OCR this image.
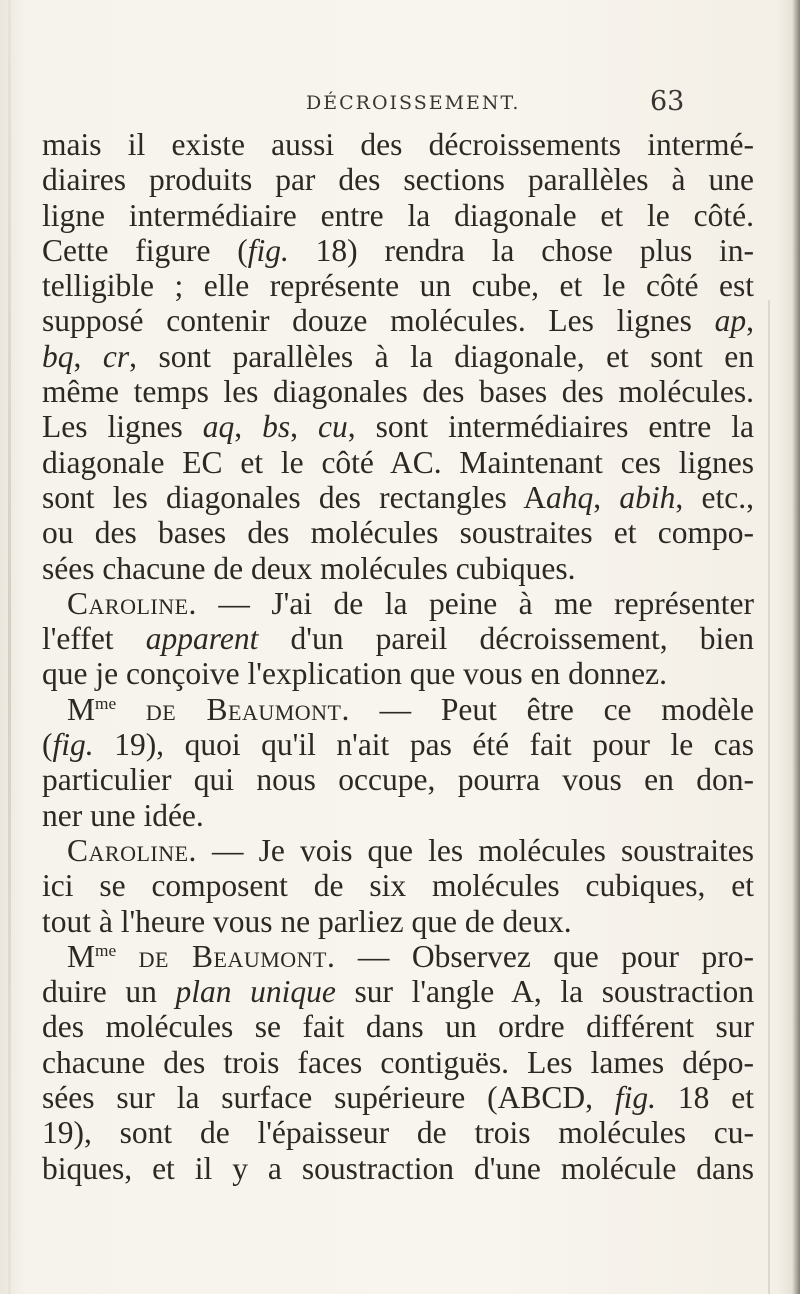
DÉCROISSEMENT.	63
mais il existe aussi des décroissements intermé-
diaires produits par des sections parallèles à une
ligne intermédiaire entre la diagonale et le côté.
Cette figure (fig. 18) rendra la chose plus in-
telligible ; elle représente un cube, et le côté est
supposé contenir douze molécules. Les lignes ap,
bq, cr, sont parallèles à la diagonale, et sont en
même temps les diagonales des bases des molécules.
Les lignes aq, bs, cu, sont intermédiaires entre la
diagonale EC et le côté AC. Maintenant ces lignes
sont les diagonales des rectangles Aahq, abih, etc.,
ou des bases des molécules soustraites et compo-
sées chacune de deux molécules cubiques.
Caroline. — J'ai de la peine à me représenter
l'effet apparent d'un pareil décroissement, bien
que je conçoive l'explication que vous en donnez.
$M^{me}$ de Beaumont. — Peut être ce modèle
(fig. 19), quoi qu'il n'ait pas été fait pour le cas
particulier qui nous occupe, pourra vous en don-
ner une idée.
Caroline. — Je vois que les molécules soustraites
ici se composent de six molécules cubiques, et
tout à l'heure vous ne parliez que de deux.
$M^{me}$ de Beaumont. — Observez que pour pro-
duire un plan unique sur l'angle A, la soustraction
des molécules se fait dans un ordre différent sur
chacune des trois faces contiguës. Les lames dépo-
sées sur la surface supérieure (ABCD, fig. 18 et
19), sont de l'épaisseur de trois molécules cu-
biques, et il y a soustraction d'une molécule dans
